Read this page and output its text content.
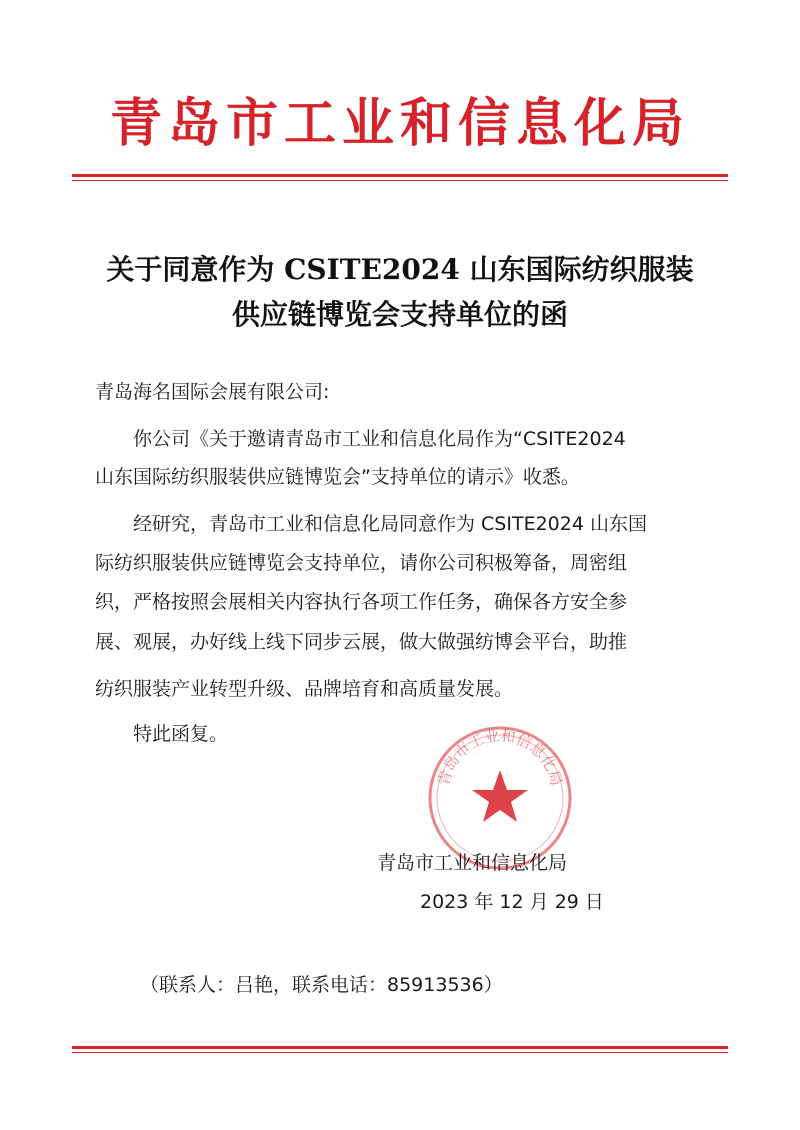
青岛市工业和信息化局
关于同意作为 CSITE2024 山东国际纺织服装
供应链博览会支持单位的函
青岛海名国际会展有限公司:
你公司《关于邀请青岛市工业和信息化局作为“CSITE2024
山东国际纺织服装供应链博览会”支持单位的请示》收悉。
经研究，青岛市工业和信息化局同意作为 CSITE2024 山东国
际纺织服装供应链博览会支持单位，请你公司积极筹备，周密组
织，严格按照会展相关内容执行各项工作任务，确保各方安全参
展、观展，办好线上线下同步云展，做大做强纺博会平台，助推
纺织服装产业转型升级、品牌培育和高质量发展。
特此函复。
青岛市工业和信息化局
青岛市工业和信息化局
2023 年 12 月 29 日
（联系人：吕艳，联系电话：85913536）
